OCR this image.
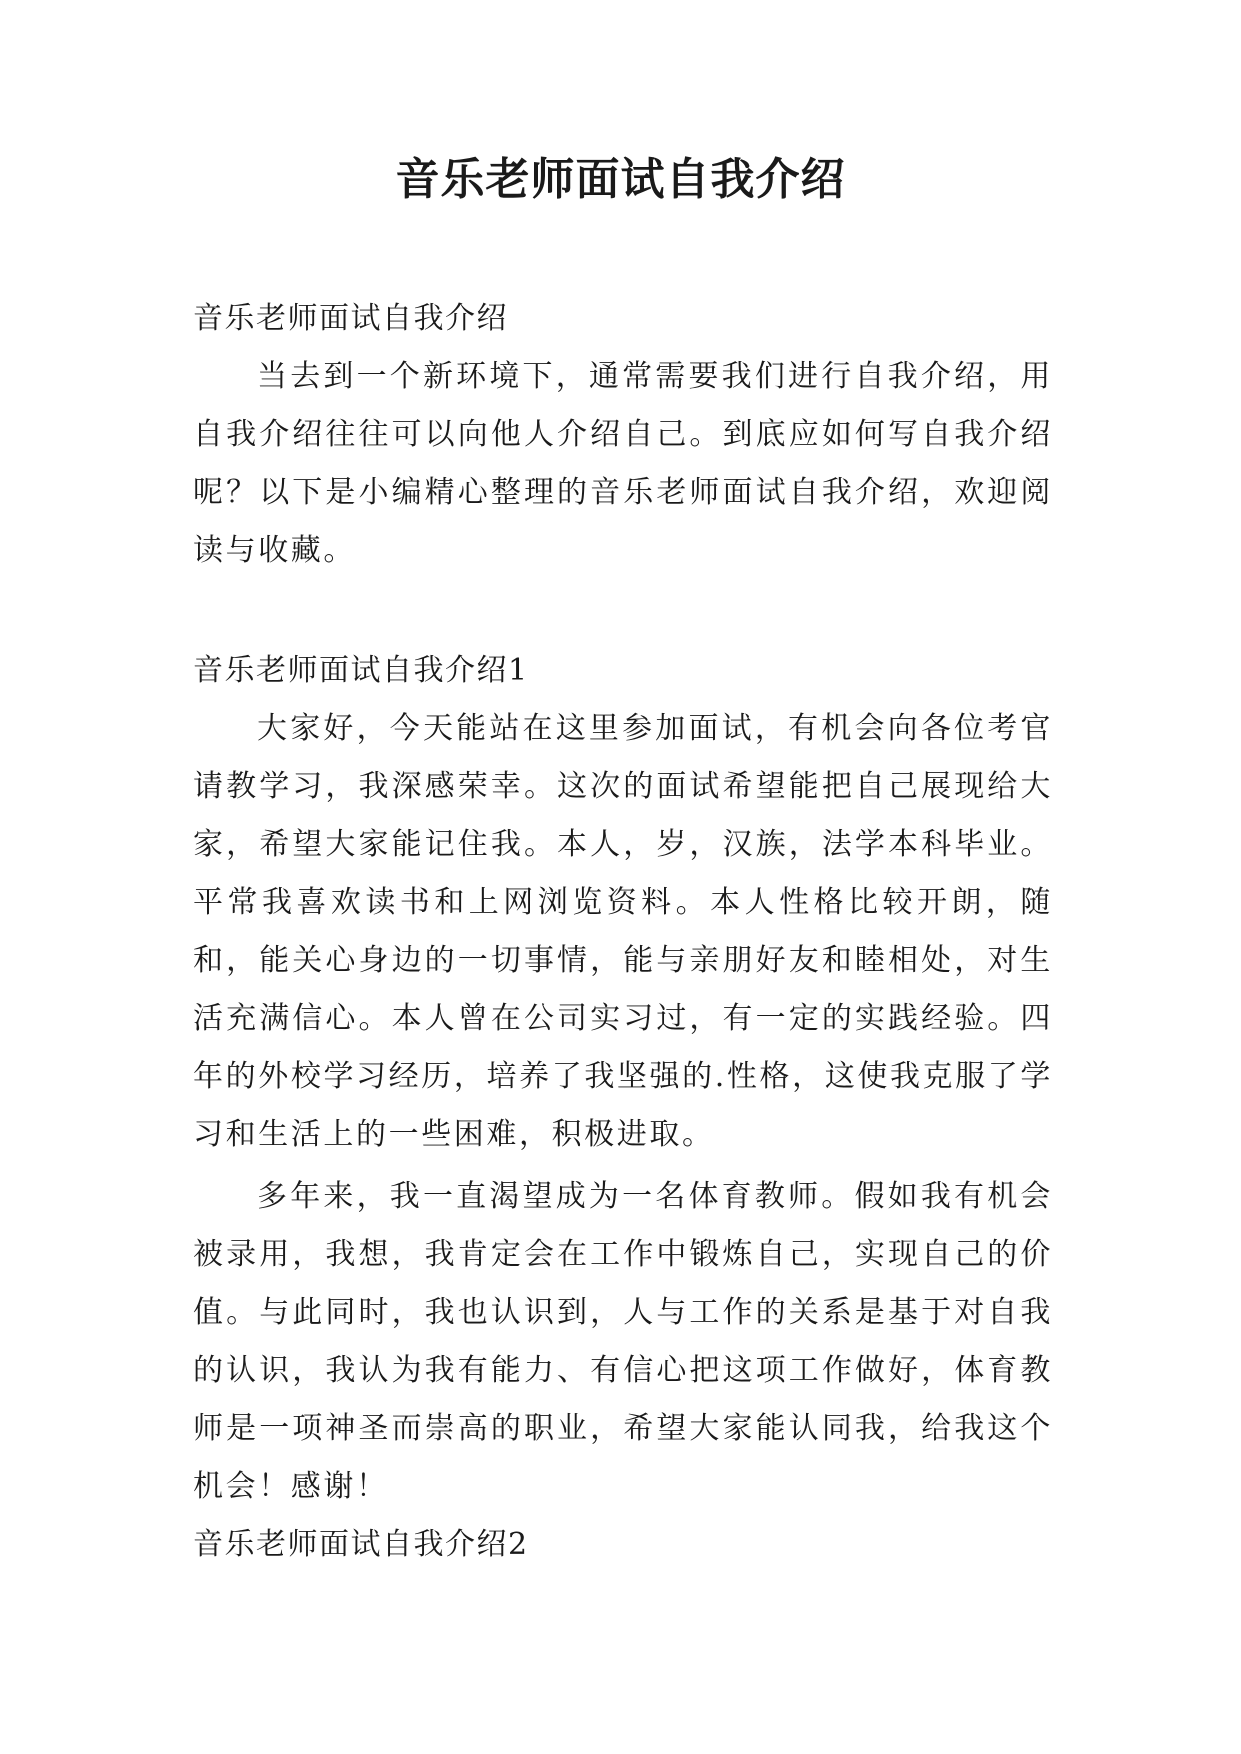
音乐老师面试自我介绍

音乐老师面试自我介绍

当去到一个新环境下，通常需要我们进行自我介绍，用自我介绍往往可以向他人介绍自己。到底应如何写自我介绍呢？以下是小编精心整理的音乐老师面试自我介绍，欢迎阅读与收藏。

音乐老师面试自我介绍1

大家好，今天能站在这里参加面试，有机会向各位考官请教学习，我深感荣幸。这次的面试希望能把自己展现给大家，希望大家能记住我。本人，岁，汉族，法学本科毕业。平常我喜欢读书和上网浏览资料。本人性格比较开朗，随和，能关心身边的一切事情，能与亲朋好友和睦相处，对生活充满信心。本人曾在公司实习过，有一定的实践经验。四年的外校学习经历，培养了我坚强的.性格，这使我克服了学习和生活上的一些困难，积极进取。

多年来，我一直渴望成为一名体育教师。假如我有机会被录用，我想，我肯定会在工作中锻炼自己，实现自己的价值。与此同时，我也认识到，人与工作的关系是基于对自我的认识，我认为我有能力、有信心把这项工作做好，体育教师是一项神圣而崇高的职业，希望大家能认同我，给我这个机会！感谢！

音乐老师面试自我介绍2
